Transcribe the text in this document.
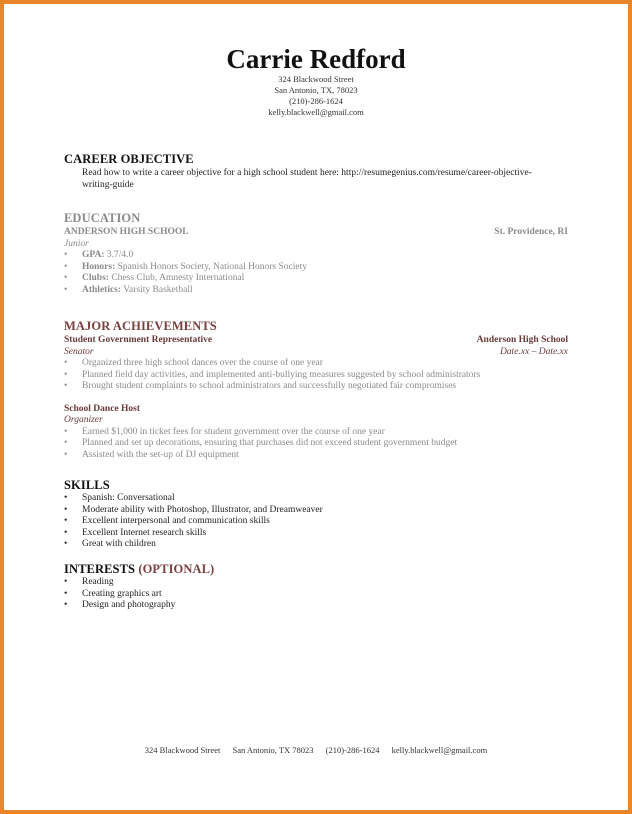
Carrie Redford
324 Blackwood Street
San Antonio, TX, 78023
(210)-286-1624
kelly.blackwell@gmail.com
CAREER OBJECTIVE
Read how to write a career objective for a high school student here: http://resumegenius.com/resume/career-objective-
writing-guide
EDUCATION
ANDERSON HIGH SCHOOL	St. Providence, RI
Junior
• GPA: 3.7/4.0
• Honors: Spanish Honors Society, National Honors Society
• Clubs: Chess Club, Amnesty International
• Athletics: Varsity Basketball
MAJOR ACHIEVEMENTS
Student Government Representative	Anderson High School
Senator	Date.xx – Date.xx
• Organized three high school dances over the course of one year
• Planned field day activities, and implemented anti-bullying measures suggested by school administrators
• Brought student complaints to school administrators and successfully negotiated fair compromises
School Dance Host
Organizer
• Earned $1,000 in ticket fees for student government over the course of one year
• Planned and set up decorations, ensuring that purchases did not exceed student government budget
• Assisted with the set-up of DJ equipment
SKILLS
• Spanish: Conversational
• Moderate ability with Photoshop, Illustrator, and Dreamweaver
• Excellent interpersonal and communication skills
• Excellent Internet research skills
• Great with children
INTERESTS (OPTIONAL)
• Reading
• Creating graphics art
• Design and photography
324 Blackwood Street San Antonio, TX 78023 (210)-286-1624 kelly.blackwell@gmail.com
